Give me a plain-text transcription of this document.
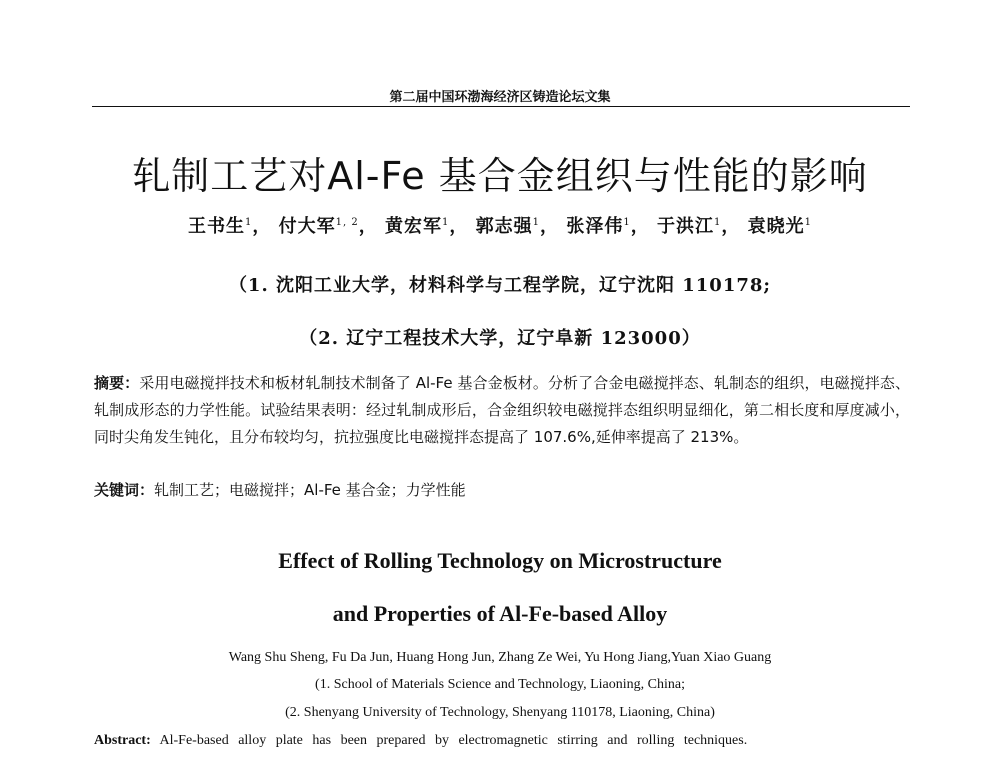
第二届中国环渤海经济区铸造论坛文集
轧制工艺对Al-Fe 基合金组织与性能的影响
王书生$^1$， 付大军$^{1, 2}$， 黄宏军$^1$， 郭志强$^1$， 张泽伟$^1$， 于洪江$^1$， 袁晓光$^1$
（1. 沈阳工业大学，材料科学与工程学院，辽宁沈阳 110178;
（2. 辽宁工程技术大学，辽宁阜新 123000）
摘要：采用电磁搅拌技术和板材轧制技术制备了 Al-Fe 基合金板材。分析了合金电磁搅拌态、轧制态的组织，电磁搅拌态、轧制成形态的力学性能。试验结果表明：经过轧制成形后，合金组织较电磁搅拌态组织明显细化，第二相长度和厚度减小，同时尖角发生钝化，且分布较均匀，抗拉强度比电磁搅拌态提高了 107.6%,延伸率提高了 213%。
关键词：轧制工艺；电磁搅拌；Al-Fe 基合金；力学性能
Effect of Rolling Technology on Microstructure
and Properties of Al-Fe-based Alloy
Wang Shu Sheng, Fu Da Jun, Huang Hong Jun, Zhang Ze Wei, Yu Hong Jiang,Yuan Xiao Guang
(1. School of Materials Science and Technology, Liaoning, China;
(2. Shenyang University of Technology, Shenyang 110178, Liaoning, China)
Abstract: Al-Fe-based alloy plate has been prepared by electromagnetic stirring and rolling techniques.
